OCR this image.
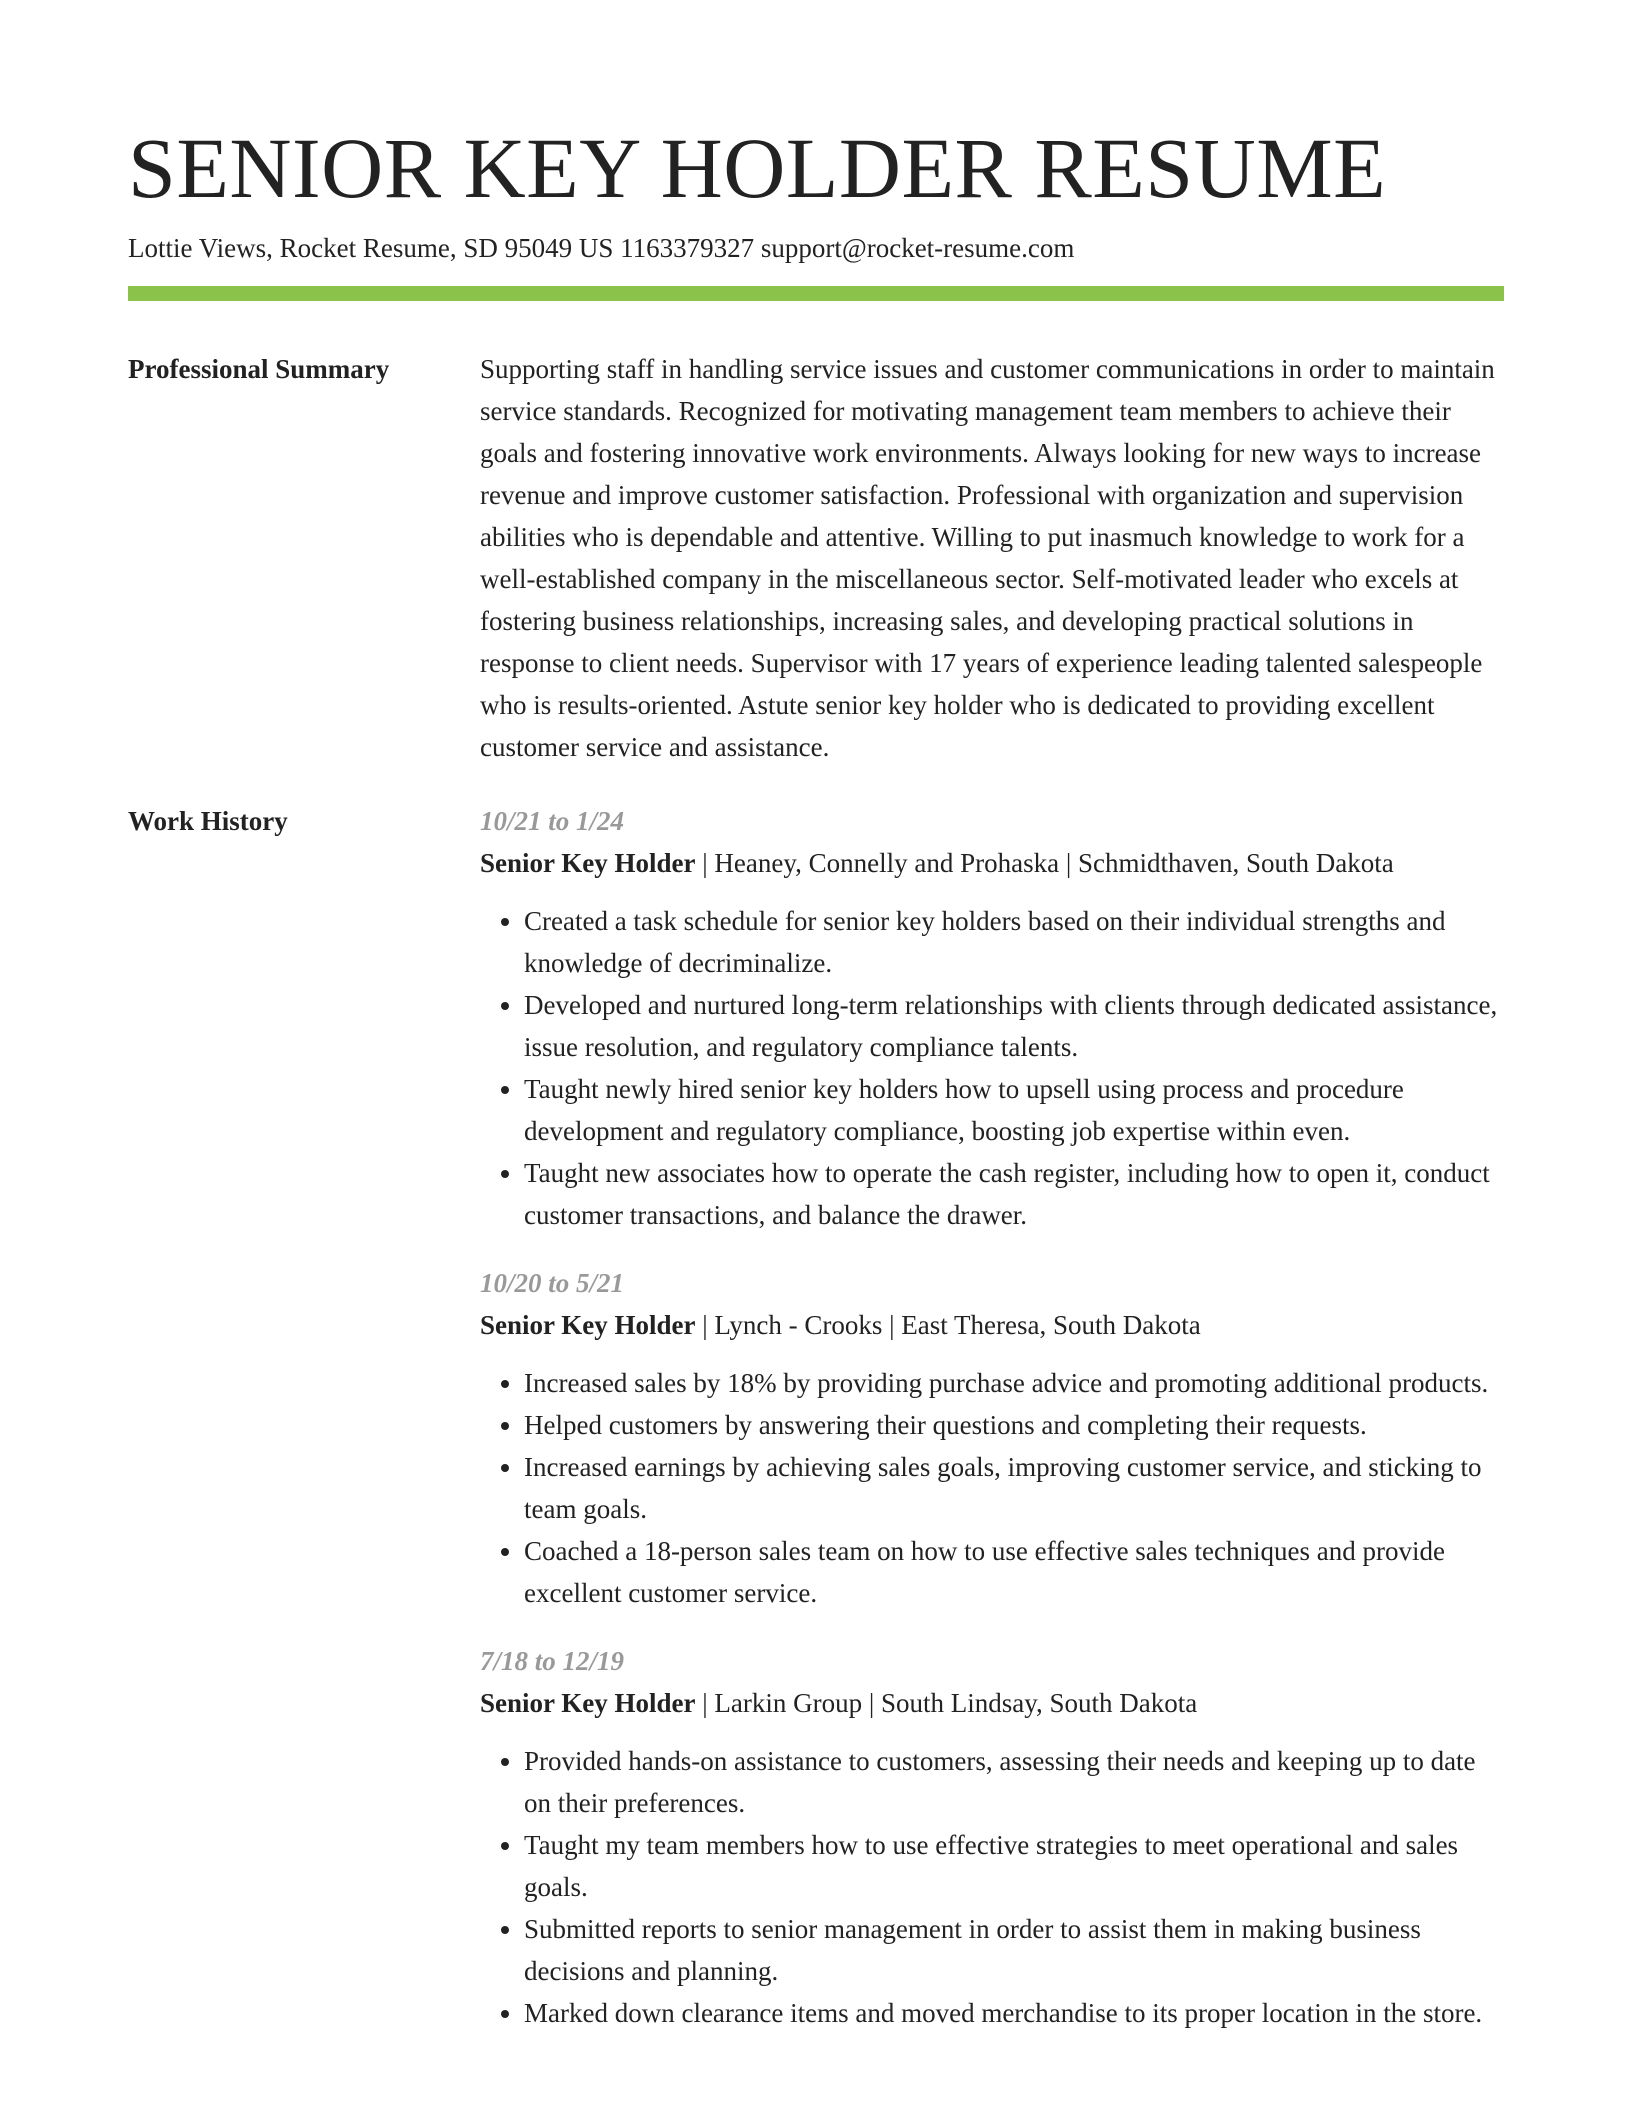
SENIOR KEY HOLDER RESUME
Lottie Views, Rocket Resume, SD 95049 US 1163379327 support@rocket-resume.com
Professional Summary	Supporting staff in handling service issues and customer communications in order to maintain service standards. Recognized for motivating management team members to achieve their goals and fostering innovative work environments. Always looking for new ways to increase revenue and improve customer satisfaction. Professional with organization and supervision abilities who is dependable and attentive. Willing to put inasmuch knowledge to work for a well-established company in the miscellaneous sector. Self-motivated leader who excels at fostering business relationships, increasing sales, and developing practical solutions in response to client needs. Supervisor with 17 years of experience leading talented salespeople who is results-oriented. Astute senior key holder who is dedicated to providing excellent customer service and assistance.

Work History	10/21 to 1/24
Senior Key Holder | Heaney, Connelly and Prohaska | Schmidthaven, South Dakota
• Created a task schedule for senior key holders based on their individual strengths and knowledge of decriminalize.
• Developed and nurtured long-term relationships with clients through dedicated assistance, issue resolution, and regulatory compliance talents.
• Taught newly hired senior key holders how to upsell using process and procedure development and regulatory compliance, boosting job expertise within even.
• Taught new associates how to operate the cash register, including how to open it, conduct customer transactions, and balance the drawer.
10/20 to 5/21
Senior Key Holder | Lynch - Crooks | East Theresa, South Dakota
• Increased sales by 18% by providing purchase advice and promoting additional products.
• Helped customers by answering their questions and completing their requests.
• Increased earnings by achieving sales goals, improving customer service, and sticking to team goals.
• Coached a 18-person sales team on how to use effective sales techniques and provide excellent customer service.
7/18 to 12/19
Senior Key Holder | Larkin Group | South Lindsay, South Dakota
• Provided hands-on assistance to customers, assessing their needs and keeping up to date on their preferences.
• Taught my team members how to use effective strategies to meet operational and sales goals.
• Submitted reports to senior management in order to assist them in making business decisions and planning.
• Marked down clearance items and moved merchandise to its proper location in the store.
